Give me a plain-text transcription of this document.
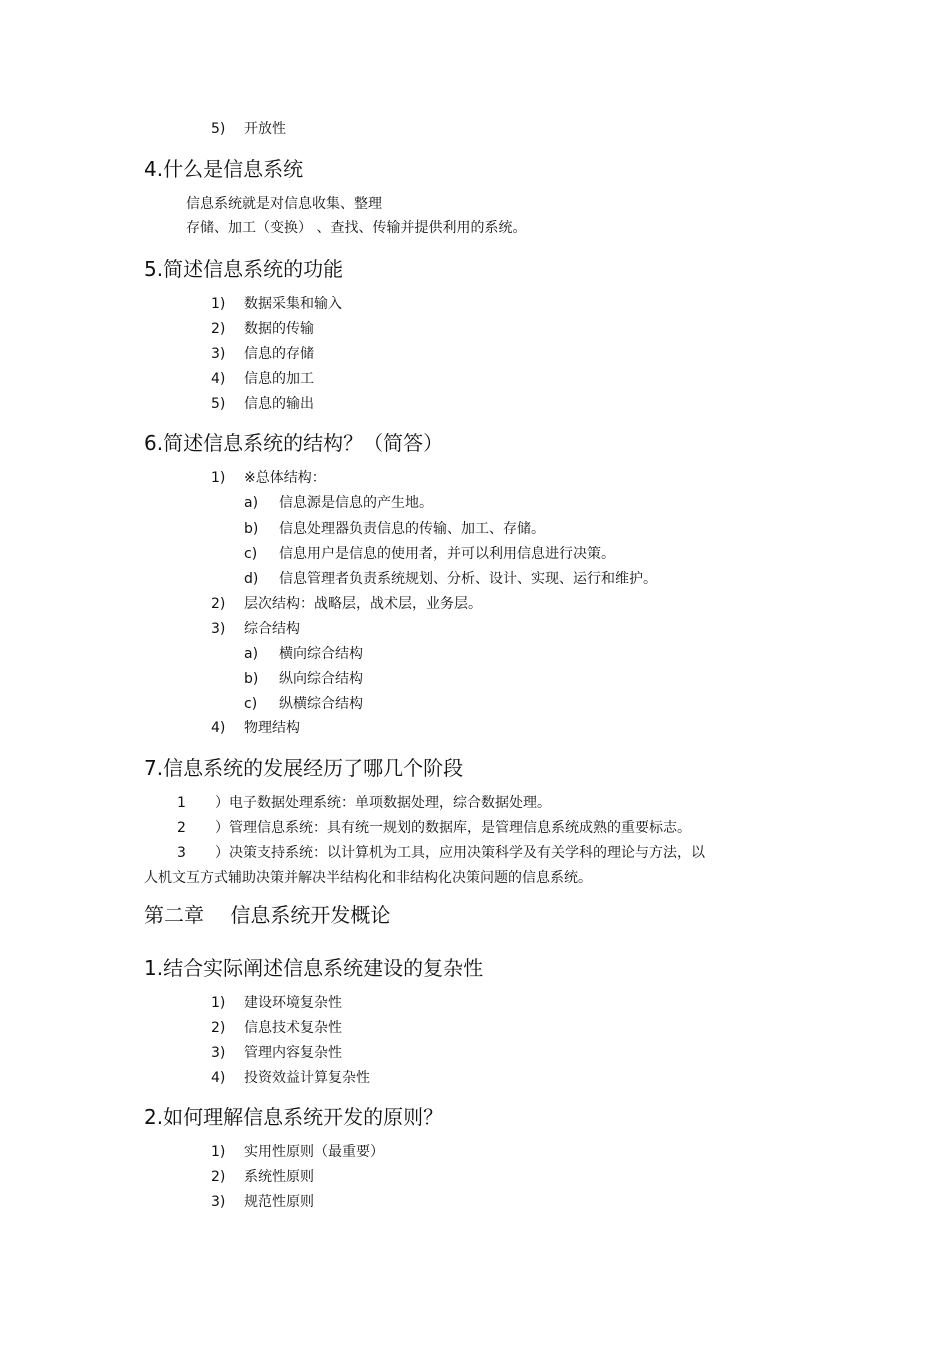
5) 开放性
4.什么是信息系统
信息系统就是对信息收集、整理
存储、加工（变换） 、查找、传输并提供利用的系统。
5.简述信息系统的功能
1) 数据采集和输入
2) 数据的传输
3) 信息的存储
4) 信息的加工
5) 信息的输出
6.简述信息系统的结构？（简答）
1) ※总体结构：
a) 信息源是信息的产生地。
b) 信息处理器负责信息的传输、加工、存储。
c) 信息用户是信息的使用者，并可以利用信息进行决策。
d) 信息管理者负责系统规划、分析、设计、实现、运行和维护。
2) 层次结构：战略层，战术层，业务层。
3) 综合结构
a) 横向综合结构
b) 纵向综合结构
c) 纵横综合结构
4) 物理结构
7.信息系统的发展经历了哪几个阶段
1 ）电子数据处理系统：单项数据处理，综合数据处理。
2 ）管理信息系统：具有统一规划的数据库，是管理信息系统成熟的重要标志。
3 ）决策支持系统：以计算机为工具，应用决策科学及有关学科的理论与方法，以
人机文互方式辅助决策并解决半结构化和非结构化决策问题的信息系统。
第二章 　信息系统开发概论
1.结合实际阐述信息系统建设的复杂性
1) 建设环境复杂性
2) 信息技术复杂性
3) 管理内容复杂性
4) 投资效益计算复杂性
2.如何理解信息系统开发的原则？
1) 实用性原则（最重要）
2) 系统性原则
3) 规范性原则
